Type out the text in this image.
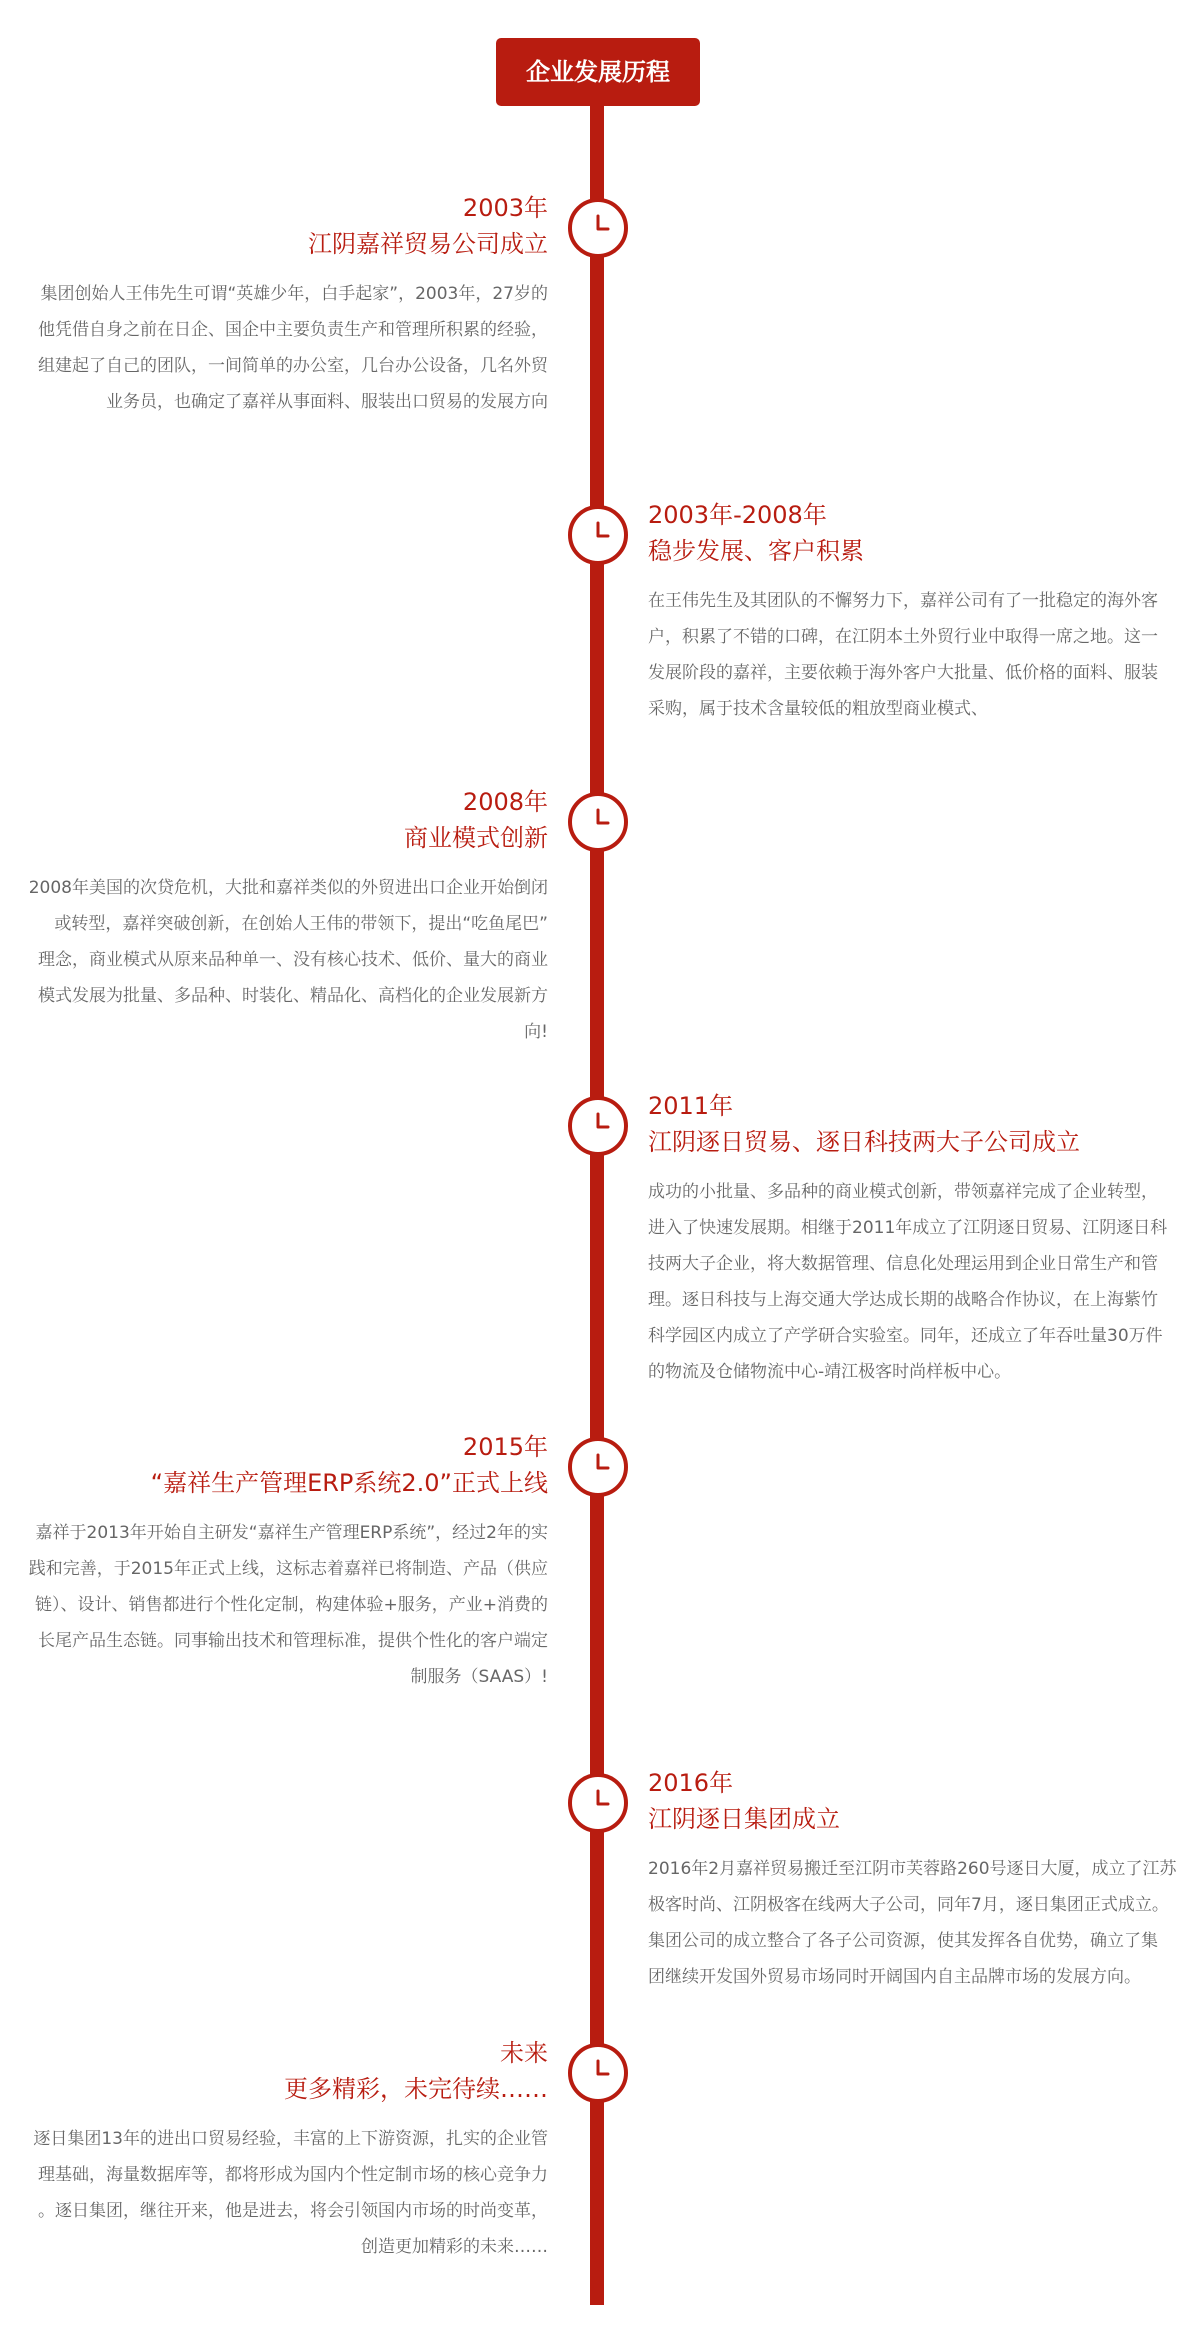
企业发展历程
2003年
江阴嘉祥贸易公司成立
集团创始人王伟先生可谓“英雄少年，白手起家”，2003年，27岁的
他凭借自身之前在日企、国企中主要负责生产和管理所积累的经验，
组建起了自己的团队，一间简单的办公室，几台办公设备，几名外贸
业务员，也确定了嘉祥从事面料、服装出口贸易的发展方向
2003年-2008年
稳步发展、客户积累
在王伟先生及其团队的不懈努力下，嘉祥公司有了一批稳定的海外客
户，积累了不错的口碑，在江阴本土外贸行业中取得一席之地。这一
发展阶段的嘉祥，主要依赖于海外客户大批量、低价格的面料、服装
采购，属于技术含量较低的粗放型商业模式、
2008年
商业模式创新
2008年美国的次贷危机，大批和嘉祥类似的外贸进出口企业开始倒闭
或转型，嘉祥突破创新，在创始人王伟的带领下，提出“吃鱼尾巴”
理念，商业模式从原来品种单一、没有核心技术、低价、量大的商业
模式发展为批量、多品种、时装化、精品化、高档化的企业发展新方
向!
2011年
江阴逐日贸易、逐日科技两大子公司成立
成功的小批量、多品种的商业模式创新，带领嘉祥完成了企业转型，
进入了快速发展期。相继于2011年成立了江阴逐日贸易、江阴逐日科
技两大子企业，将大数据管理、信息化处理运用到企业日常生产和管
理。逐日科技与上海交通大学达成长期的战略合作协议，在上海紫竹
科学园区内成立了产学研合实验室。同年，还成立了年吞吐量30万件
的物流及仓储物流中心-靖江极客时尚样板中心。
2015年
“嘉祥生产管理ERP系统2.0”正式上线
嘉祥于2013年开始自主研发“嘉祥生产管理ERP系统”，经过2年的实
践和完善，于2015年正式上线，这标志着嘉祥已将制造、产品（供应
链）、设计、销售都进行个性化定制，构建体验+服务，产业+消费的
长尾产品生态链。同事输出技术和管理标准，提供个性化的客户端定
制服务（SAAS）!
2016年
江阴逐日集团成立
2016年2月嘉祥贸易搬迁至江阴市芙蓉路260号逐日大厦，成立了江苏
极客时尚、江阴极客在线两大子公司，同年7月，逐日集团正式成立。
集团公司的成立整合了各子公司资源，使其发挥各自优势，确立了集
团继续开发国外贸易市场同时开阔国内自主品牌市场的发展方向。
未来
更多精彩，未完待续……
逐日集团13年的进出口贸易经验，丰富的上下游资源，扎实的企业管
理基础，海量数据库等，都将形成为国内个性定制市场的核心竞争力
。逐日集团，继往开来，他是进去，将会引领国内市场的时尚变革，
创造更加精彩的未来……
